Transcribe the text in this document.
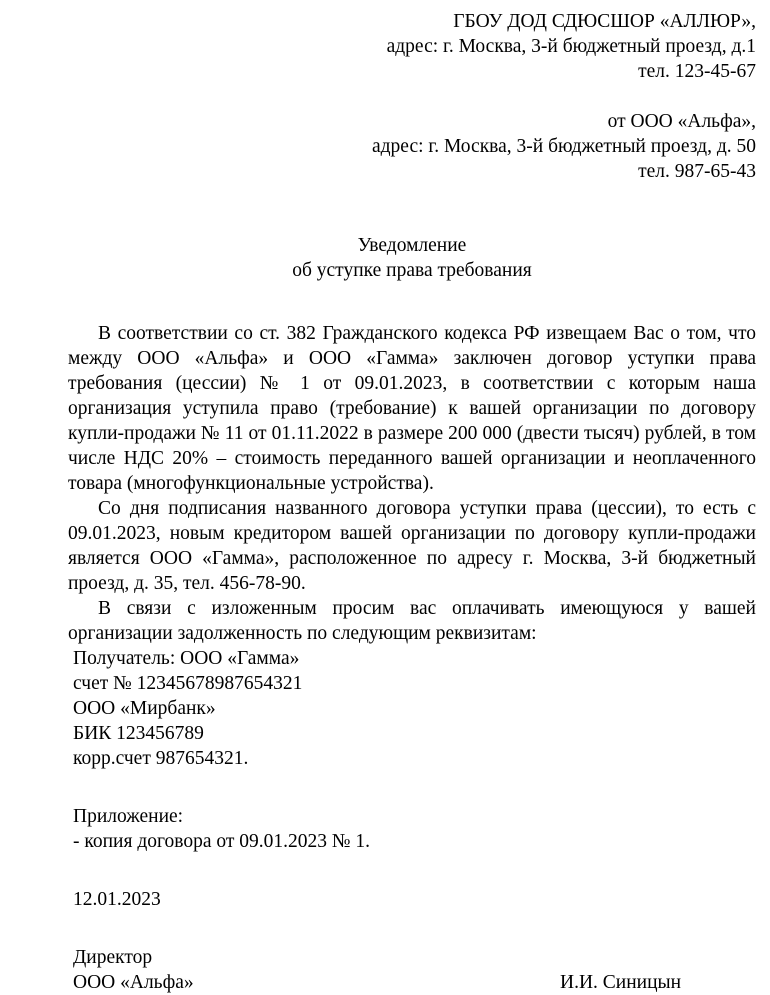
ГБОУ ДОД СДЮСШОР «АЛЛЮР»,
адрес: г. Москва, 3-й бюджетный проезд, д.1
тел. 123-45-67
от ООО «Альфа»,
адрес: г. Москва, 3-й бюджетный проезд, д. 50
тел. 987-65-43
Уведомление
об уступке права требования

В соответствии со ст. 382 Гражданского кодекса РФ извещаем Вас о том, что между ООО «Альфа» и ООО «Гамма» заключен договор уступки права требования (цессии) № 1 от 09.01.2023, в соответствии с которым наша организация уступила право (требование) к вашей организации по договору купли-продажи № 11 от 01.11.2022 в размере 200 000 (двести тысяч) рублей, в том числе НДС 20% – стоимость переданного вашей организации и неоплаченного товара (многофункциональные устройства).

Со дня подписания названного договора уступки права (цессии), то есть с 09.01.2023, новым кредитором вашей организации по договору купли-продажи является ООО «Гамма», расположенное по адресу г. Москва, 3-й бюджетный проезд, д. 35, тел. 456-78-90.

В связи с изложенным просим вас оплачивать имеющуюся у вашей организации задолженность по следующим реквизитам:

Получатель: ООО «Гамма»
счет № 12345678987654321
ООО «Мирбанк»
БИК 123456789
корр.счет 987654321.
Приложение:
- копия договора от 09.01.2023 № 1.
12.01.2023
Директор
ООО «Альфа»	И.И. Синицын
